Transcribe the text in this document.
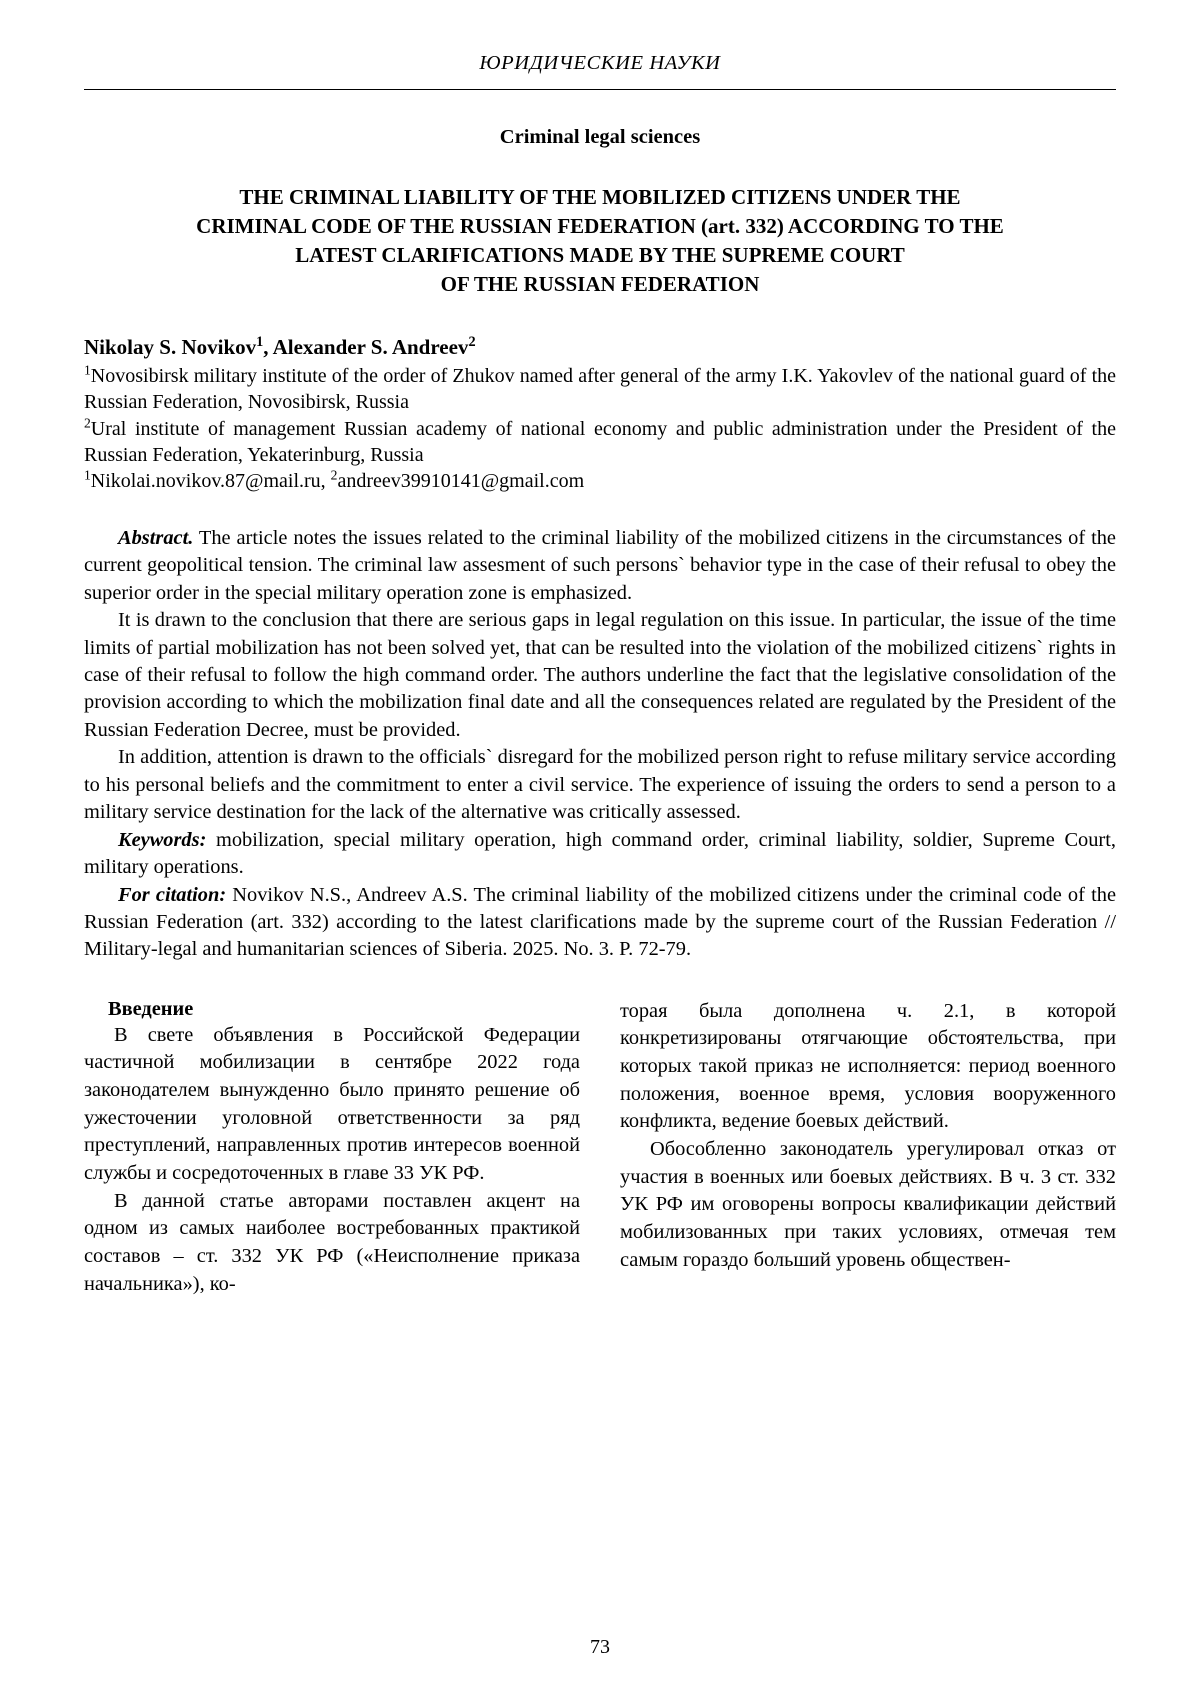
ЮРИДИЧЕСКИЕ НАУКИ
Criminal legal sciences
THE CRIMINAL LIABILITY OF THE MOBILIZED CITIZENS UNDER THE
CRIMINAL CODE OF THE RUSSIAN FEDERATION (art. 332) ACCORDING TO THE
LATEST CLARIFICATIONS MADE BY THE SUPREME COURT
OF THE RUSSIAN FEDERATION
Nikolay S. Novikov$^1$, Alexander S. Andreev$^2$

$^1$Novosibirsk military institute of the order of Zhukov named after general of the army I.K. Yakovlev of the national guard of the Russian Federation, Novosibirsk, Russia

$^2$Ural institute of management Russian academy of national economy and public administration under the President of the Russian Federation, Yekaterinburg, Russia

$^1$Nikolai.novikov.87@mail.ru, $^2$andreev39910141@gmail.com

Abstract. The article notes the issues related to the criminal liability of the mobilized citizens in the circumstances of the current geopolitical tension. The criminal law assesment of such persons` behavior type in the case of their refusal to obey the superior order in the special military operation zone is emphasized.

It is drawn to the conclusion that there are serious gaps in legal regulation on this issue. In particular, the issue of the time limits of partial mobilization has not been solved yet, that can be resulted into the violation of the mobilized citizens` rights in case of their refusal to follow the high command order. The authors underline the fact that the legislative consolidation of the provision according to which the mobilization final date and all the consequences related are regulated by the President of the Russian Federation Decree, must be provided.

In addition, attention is drawn to the officials` disregard for the mobilized person right to refuse military service according to his personal beliefs and the commitment to enter a civil service. The experience of issuing the orders to send a person to a military service destination for the lack of the alternative was critically assessed.

Keywords: mobilization, special military operation, high command order, criminal liability, soldier, Supreme Court, military operations.

For citation: Novikov N.S., Andreev A.S. The criminal liability of the mobilized citizens under the criminal code of the Russian Federation (art. 332) according to the latest clarifications made by the supreme court of the Russian Federation // Military-legal and humanitarian sciences of Siberia. 2025. No. 3. P. 72-79.

Введение

В свете объявления в Российской Федерации частичной мобилизации в сентябре 2022 года законодателем вынужденно было принято решение об ужесточении уголовной ответственности за ряд преступлений, направленных против интересов военной службы и сосредоточенных в главе 33 УК РФ.

В данной статье авторами поставлен акцент на одном из самых наиболее востребованных практикой составов – ст. 332 УК РФ («Неисполнение приказа начальника»), ко-

торая была дополнена ч. 2.1, в которой конкретизированы отягчающие обстоятельства, при которых такой приказ не исполняется: период военного положения, военное время, условия вооруженного конфликта, ведение боевых действий.

Обособленно законодатель урегулировал отказ от участия в военных или боевых действиях. В ч. 3 ст. 332 УК РФ им оговорены вопросы квалификации действий мобилизованных при таких условиях, отмечая тем самым гораздо больший уровень обществен-

73
